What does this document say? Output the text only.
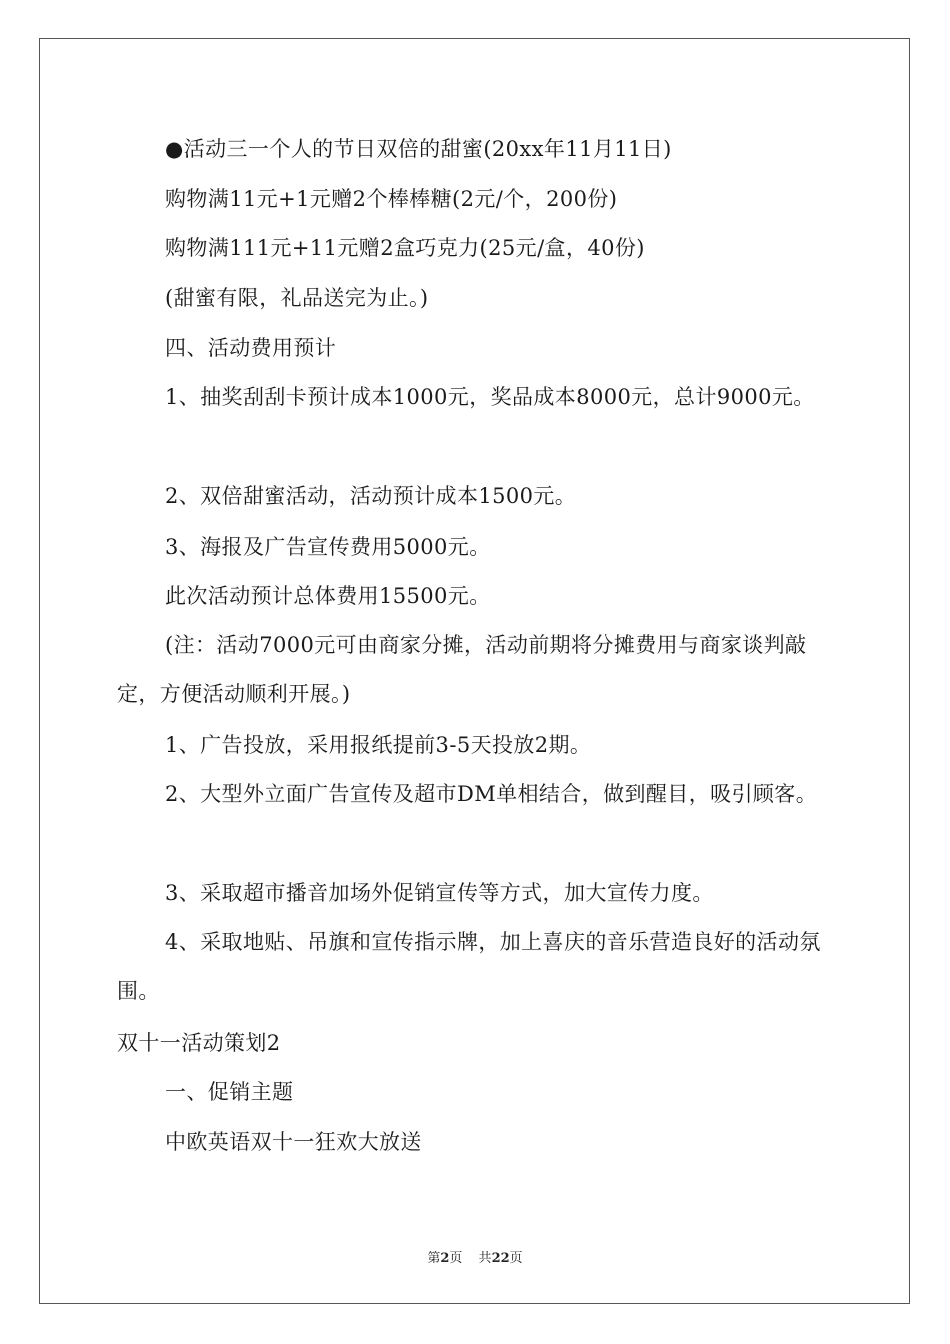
●活动三一个人的节日双倍的甜蜜(20xx年11月11日)
购物满11元+1元赠2个棒棒糖(2元/个，200份)
购物满111元+11元赠2盒巧克力(25元/盒，40份)
(甜蜜有限，礼品送完为止。)
四、活动费用预计
1、抽奖刮刮卡预计成本1000元，奖品成本8000元，总计9000元。
2、双倍甜蜜活动，活动预计成本1500元。
3、海报及广告宣传费用5000元。
此次活动预计总体费用15500元。
(注：活动7000元可由商家分摊，活动前期将分摊费用与商家谈判敲定，方便活动顺利开展。)
1、广告投放，采用报纸提前3-5天投放2期。
2、大型外立面广告宣传及超市DM单相结合，做到醒目，吸引顾客。
3、采取超市播音加场外促销宣传等方式，加大宣传力度。
4、采取地贴、吊旗和宣传指示牌，加上喜庆的音乐营造良好的活动氛围。
双十一活动策划2
一、促销主题
中欧英语双十一狂欢大放送
第2页 共22页
